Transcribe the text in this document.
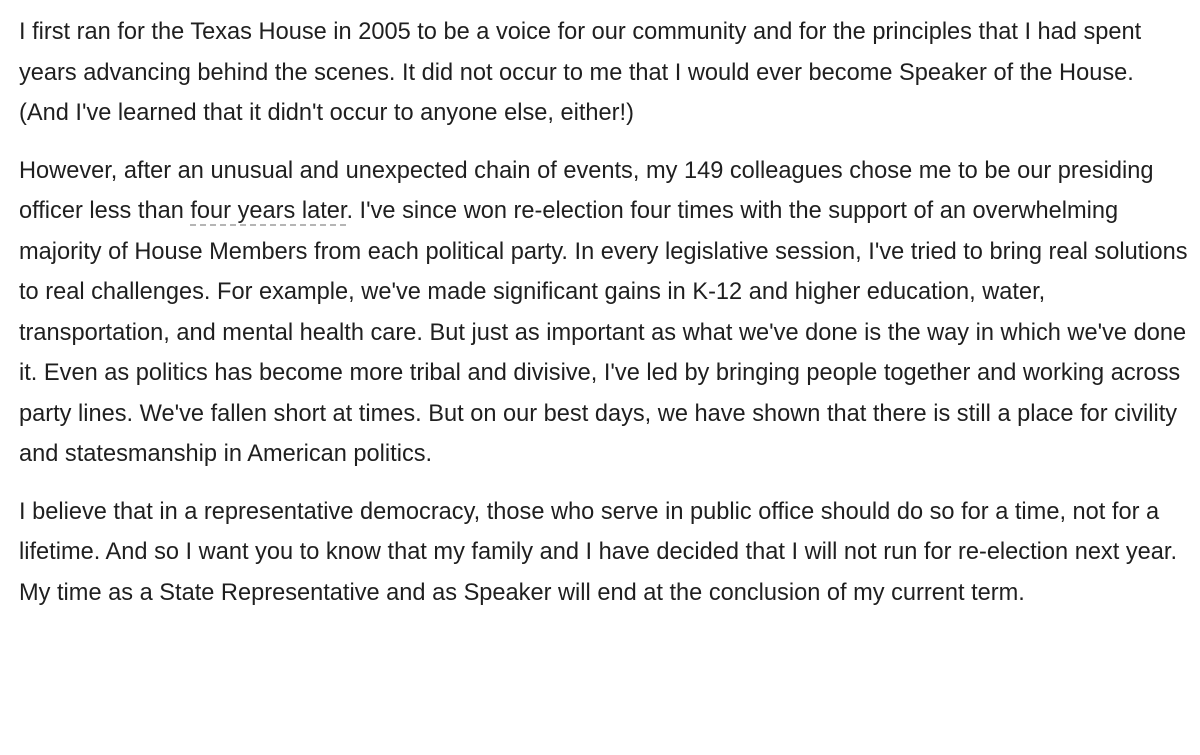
I first ran for the Texas House in 2005 to be a voice for our community and for the principles that I had spent years advancing behind the scenes. It did not occur to me that I would ever become Speaker of the House. (And I've learned that it didn't occur to anyone else, either!)

However, after an unusual and unexpected chain of events, my 149 colleagues chose me to be our presiding officer less than four years later. I've since won re-election four times with the support of an overwhelming majority of House Members from each political party. In every legislative session, I've tried to bring real solutions to real challenges. For example, we've made significant gains in K-12 and higher education, water, transportation, and mental health care. But just as important as what we've done is the way in which we've done it. Even as politics has become more tribal and divisive, I've led by bringing people together and working across party lines. We've fallen short at times. But on our best days, we have shown that there is still a place for civility and statesmanship in American politics.

I believe that in a representative democracy, those who serve in public office should do so for a time, not for a lifetime. And so I want you to know that my family and I have decided that I will not run for re-election next year. My time as a State Representative and as Speaker will end at the conclusion of my current term.
